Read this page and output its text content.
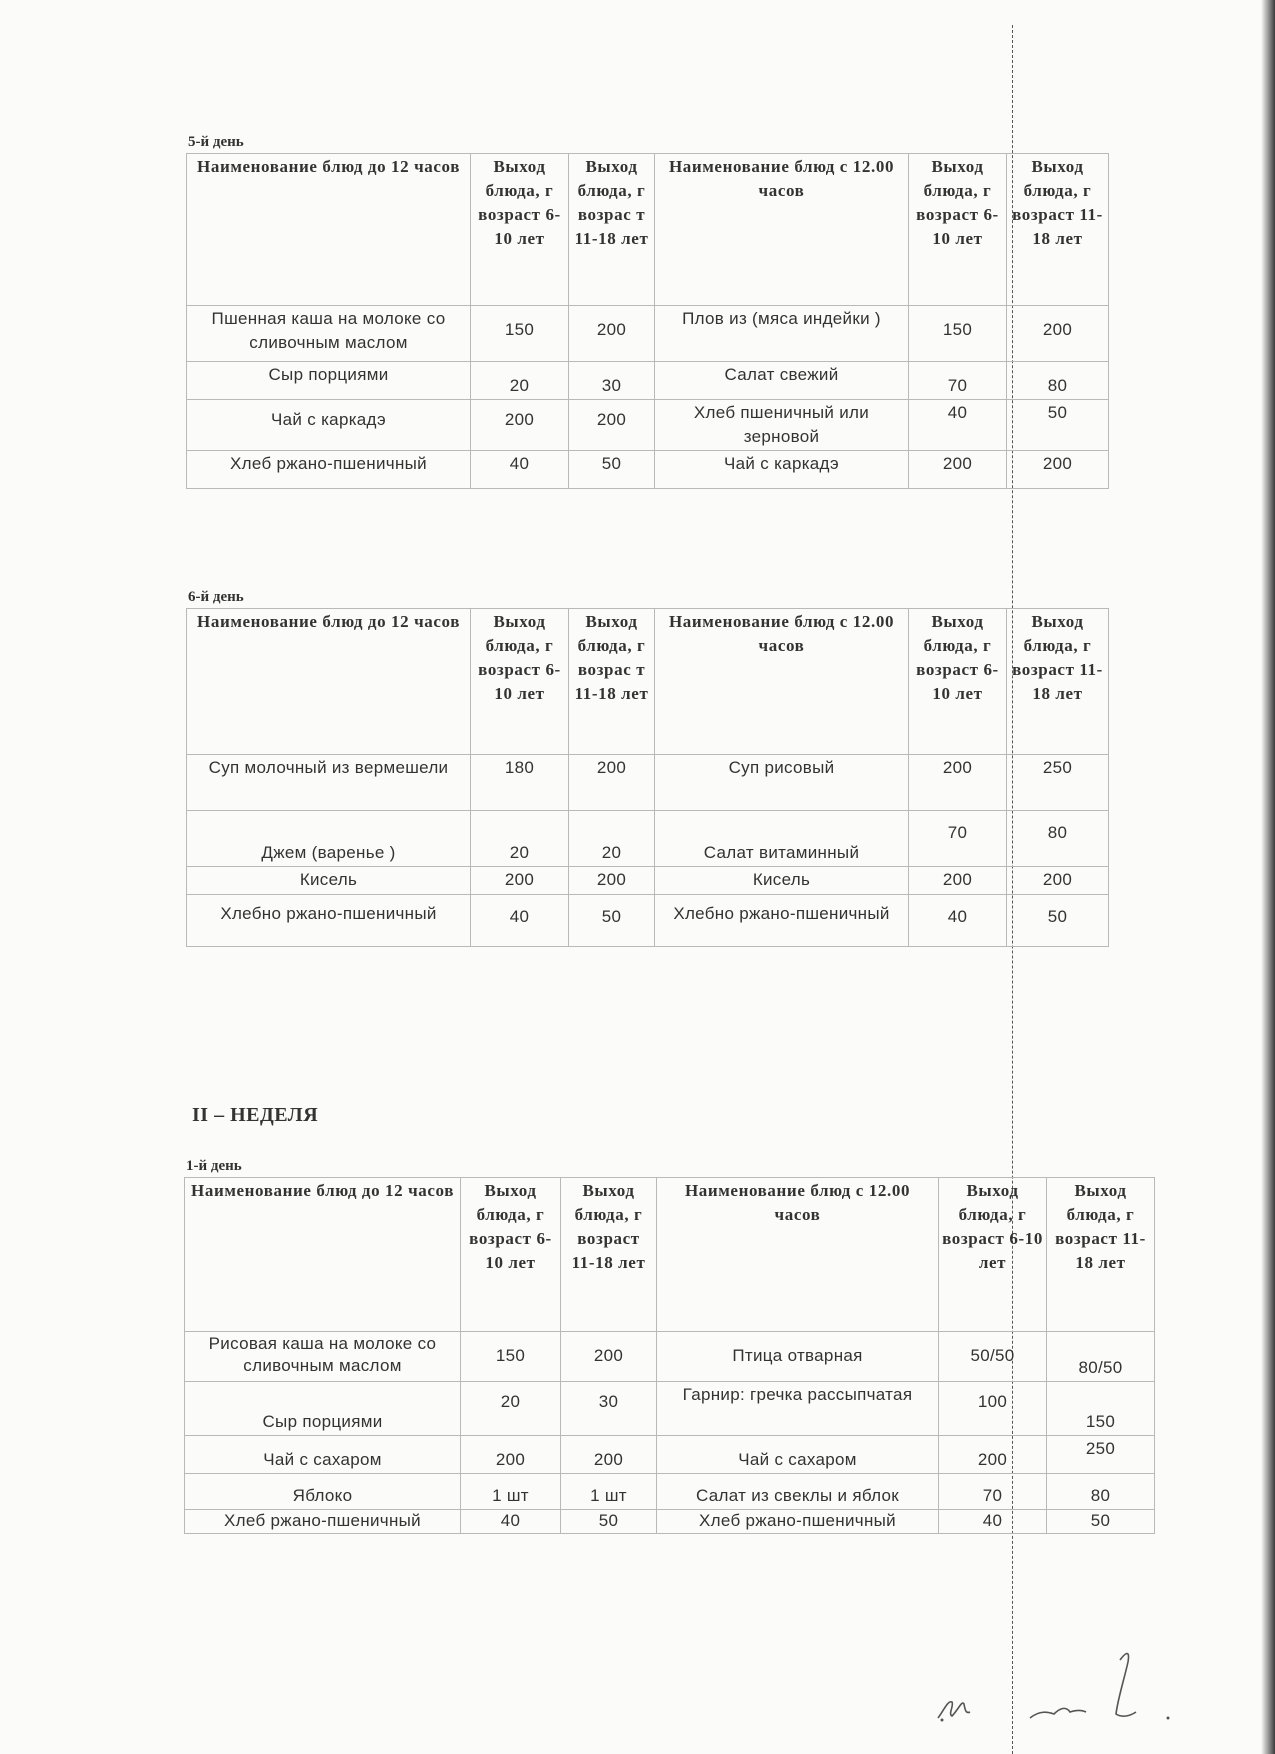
5-й день
Наименование блюд до 12 часов	Выход блюда, г возраст 6-10 лет	Выход блюда, г возрас т 11-18 лет	Наименование блюд с 12.00 часов	Выход блюда, г возраст 6-10 лет	Выход блюда, г возраст 11-18 лет
Пшенная каша на молоке со сливочным маслом	150	200	Плов из (мяса индейки )	150	200
Сыр порциями	20	30	Салат свежий	70	80
Чай с каркадэ	200	200	Хлеб пшеничный или зерновой	40	50
Хлеб ржано-пшеничный	40	50	Чай с каркадэ	200	200
6-й день
Наименование блюд до 12 часов	Выход блюда, г возраст 6-10 лет	Выход блюда, г возрас т 11-18 лет	Наименование блюд с 12.00 часов	Выход блюда, г возраст 6-10 лет	Выход блюда, г возраст 11-18 лет
Суп молочный из вермешели	180	200	Суп рисовый	200	250
Джем (варенье )	20	20	Салат витаминный	70	80
Кисель	200	200	Кисель	200	200
Хлебно ржано-пшеничный	40	50	Хлебно ржано-пшеничный	40	50
II – НЕДЕЛЯ
1-й день
Наименование блюд до 12 часов	Выход блюда, г возраст 6-10 лет	Выход блюда, г возраст 11-18 лет	Наименование блюд с 12.00 часов	Выход блюда, г возраст 6-10 лет	Выход блюда, г возраст 11-18 лет
Рисовая каша на молоке со сливочным маслом	150	200	Птица отварная	50/50	80/50
Сыр порциями	20	30	Гарнир: гречка рассыпчатая	100	150
Чай с сахаром	200	200	Чай с сахаром	200	250
Яблоко	1 шт	1 шт	Салат из свеклы и яблок	70	80
Хлеб ржано-пшеничный	40	50	Хлеб ржано-пшеничный	40	50
